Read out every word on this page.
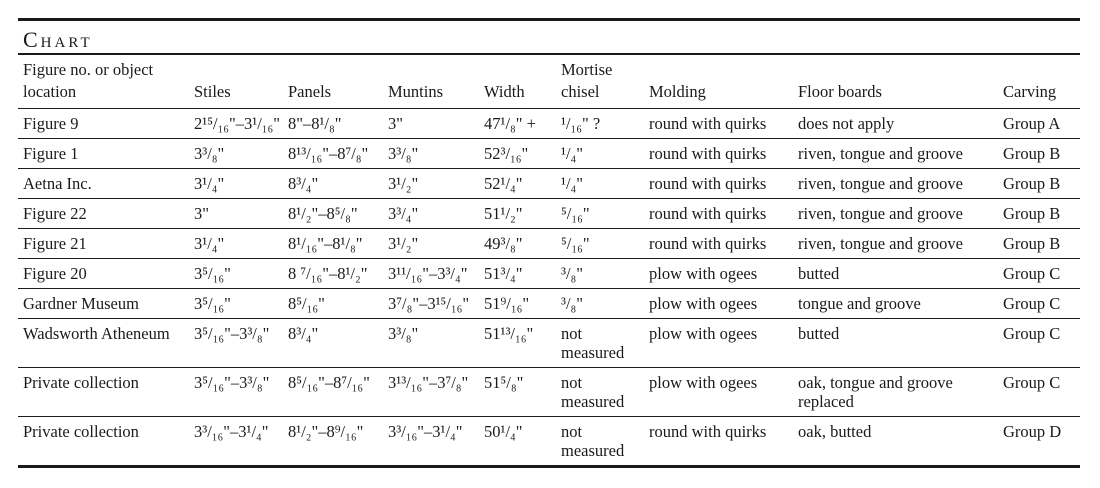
Chart
Figure no. or object location	Stiles	Panels	Muntins	Width	Mortise chisel	Molding	Floor boards	Carving
Figure 9	2¹⁵/₁₆"–3¹/₁₆"	8"–8¹/₈"	3"	47¹/₈" +	¹/₁₆" ?	round with quirks	does not apply	Group A
Figure 1	3³/₈"	8¹³/₁₆"–8⁷/₈"	3³/₈"	52³/₁₆"	¹/₄"	round with quirks	riven, tongue and groove	Group B
Aetna Inc.	3¹/₄"	8³/₄"	3¹/₂"	52¹/₄"	¹/₄"	round with quirks	riven, tongue and groove	Group B
Figure 22	3"	8¹/₂"–8⁵/₈"	3³/₄"	51¹/₂"	⁵/₁₆"	round with quirks	riven, tongue and groove	Group B
Figure 21	3¹/₄"	8¹/₁₆"–8¹/₈"	3¹/₂"	49³/₈"	⁵/₁₆"	round with quirks	riven, tongue and groove	Group B
Figure 20	3⁵/₁₆"	8 ⁷/₁₆"–8¹/₂"	3¹¹/₁₆"–3³/₄"	51³/₄"	³/₈"	plow with ogees	butted	Group C
Gardner Museum	3⁵/₁₆"	8⁵/₁₆"	3⁷/₈"–3¹⁵/₁₆"	51⁹/₁₆"	³/₈"	plow with ogees	tongue and groove	Group C
Wadsworth Atheneum	3⁵/₁₆"–3³/₈"	8³/₄"	3³/₈"	51¹³/₁₆"	not measured	plow with ogees	butted	Group C
Private collection	3⁵/₁₆"–3³/₈"	8⁵/₁₆"–8⁷/₁₆"	3¹³/₁₆"–3⁷/₈"	51⁵/₈"	not measured	plow with ogees	oak, tongue and groove replaced	Group C
Private collection	3³/₁₆"–3¹/₄"	8¹/₂"–8⁹/₁₆"	3³/₁₆"–3¹/₄"	50¹/₄"	not measured	round with quirks	oak, butted	Group D
